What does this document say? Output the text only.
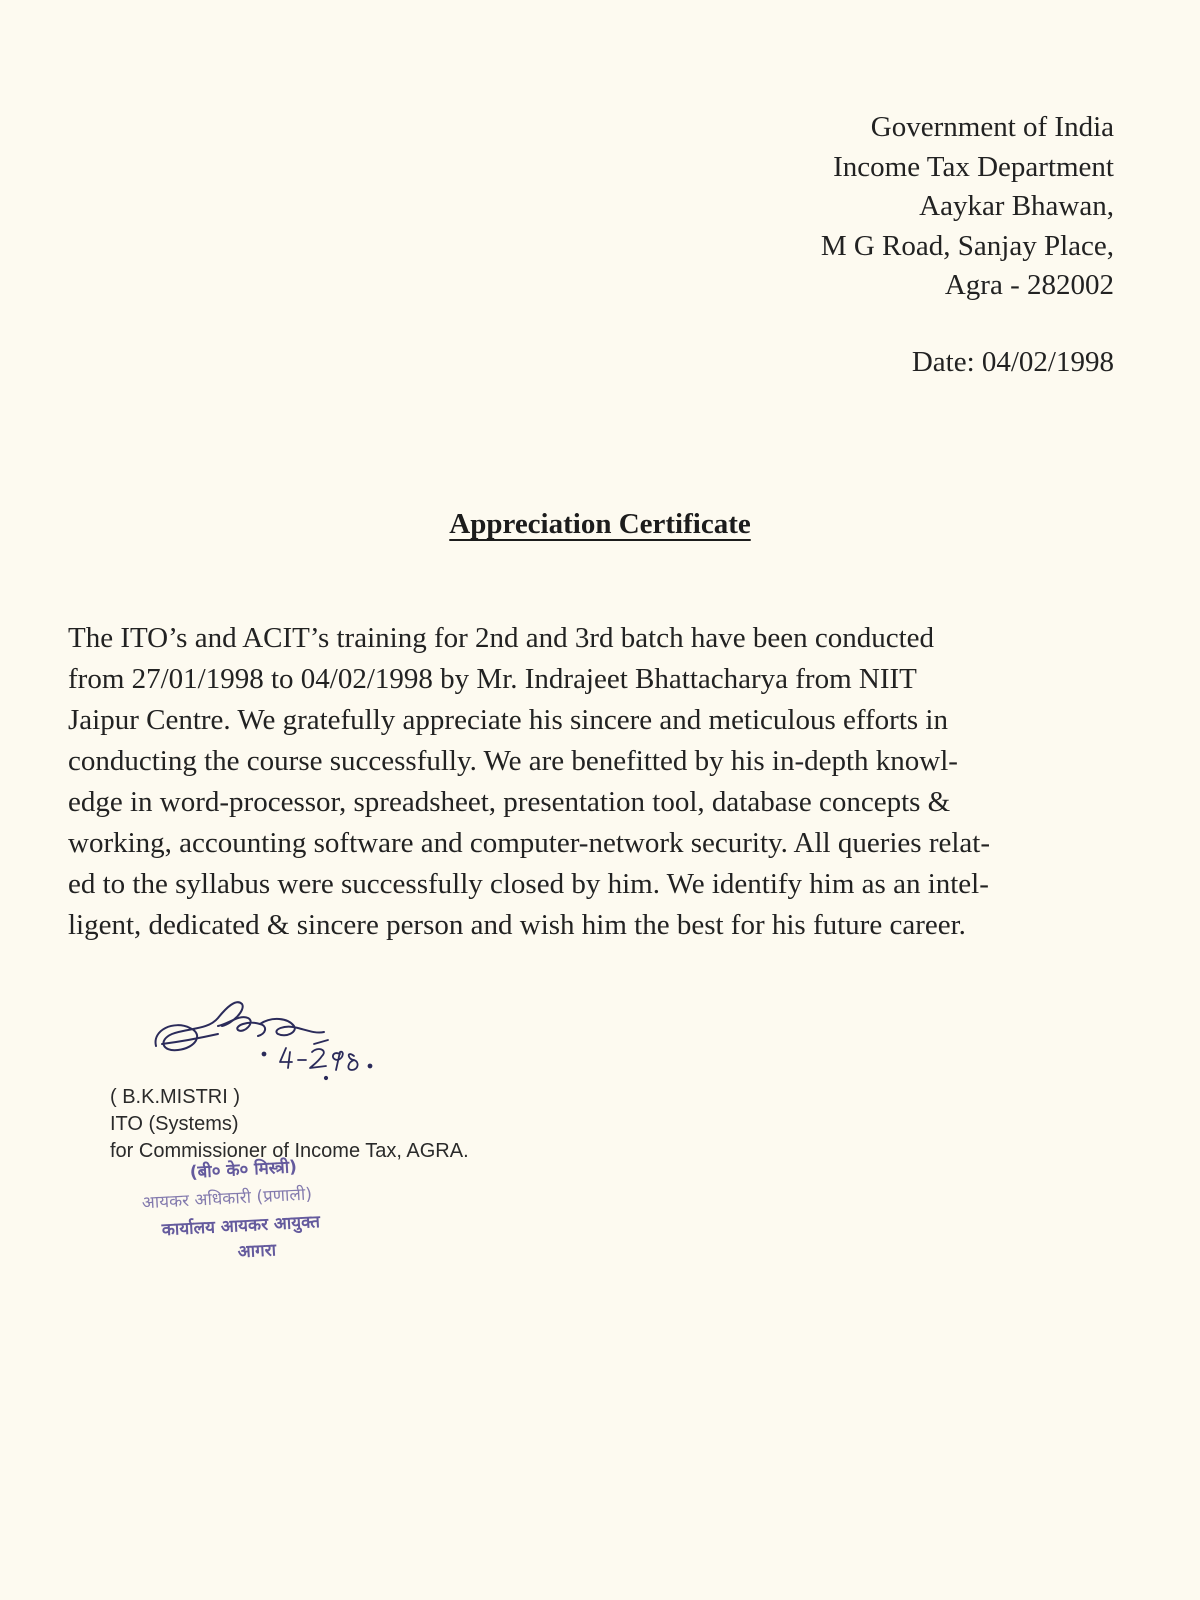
Government of India
Income Tax Department
Aaykar Bhawan,
M G Road, Sanjay Place,
Agra - 282002
Date: 04/02/1998
Appreciation Certificate
The ITO’s and ACIT’s training for 2nd and 3rd batch have been conducted
from 27/01/1998 to 04/02/1998 by Mr. Indrajeet Bhattacharya from NIIT
Jaipur Centre. We gratefully appreciate his sincere and meticulous efforts in
conducting the course successfully. We are benefitted by his in-depth knowl-
edge in word-processor, spreadsheet, presentation tool, database concepts &
working, accounting software and computer-network security. All queries relat-
ed to the syllabus were successfully closed by him. We identify him as an intel-
ligent, dedicated & sincere person and wish him the best for his future career.
( B.K.MISTRI )
ITO (Systems)
for Commissioner of Income Tax, AGRA.
(बी० के० मिस्त्री)
आयकर अधिकारी (प्रणाली)
कार्यालय आयकर आयुक्त
आगरा
